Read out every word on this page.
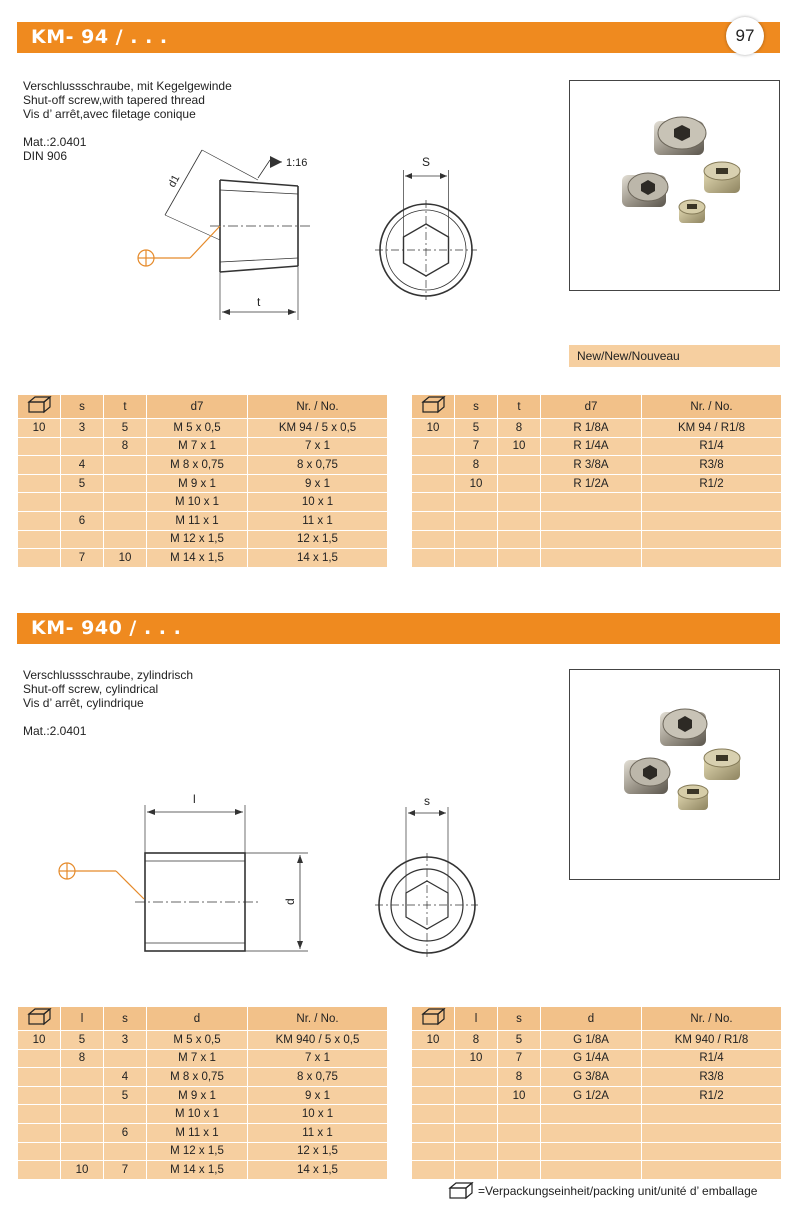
KM- 94 / . . .	97
Verschlussschraube, mit Kegelgewinde
Shut-off screw,with tapered thread
Vis d’ arrêt,avec filetage conique
Mat.:2.0401
DIN 906
d1
1:16
t
S
New/New/Nouveau
	s	t	d7	Nr. / No.
10	3	5	M 5 x 0,5	KM 94 / 5 x 0,5
		8	M 7 x 1	7 x 1
	4		M 8 x 0,75	8 x 0,75
	5		M 9 x 1	9 x 1
			M 10 x 1	10 x 1
	6		M 11 x 1	11 x 1
			M 12 x 1,5	12 x 1,5
	7	10	M 14 x 1,5	14 x 1,5
	s	t	d7	Nr. / No.
10	5	8	R 1/8A	KM 94 / R1/8
	7	10	R 1/4A	R1/4
	8		R 3/8A	R3/8
	10		R 1/2A	R1/2

KM- 940 / . . .
Verschlussschraube, zylindrisch
Shut-off screw, cylindrical
Vis d’ arrêt, cylindrique
Mat.:2.0401
l
d
s
	l	s	d	Nr. / No.
10	5	3	M 5 x 0,5	KM 940 / 5 x 0,5
	8		M 7 x 1	7 x 1
		4	M 8 x 0,75	8 x 0,75
		5	M 9 x 1	9 x 1
			M 10 x 1	10 x 1
		6	M 11 x 1	11 x 1
			M 12 x 1,5	12 x 1,5
	10	7	M 14 x 1,5	14 x 1,5
	l	s	d	Nr. / No.
10	8	5	G 1/8A	KM 940 / R1/8
	10	7	G 1/4A	R1/4
		8	G 3/8A	R3/8
		10	G 1/2A	R1/2

=Verpackungseinheit/packing unit/unité d’ emballage
